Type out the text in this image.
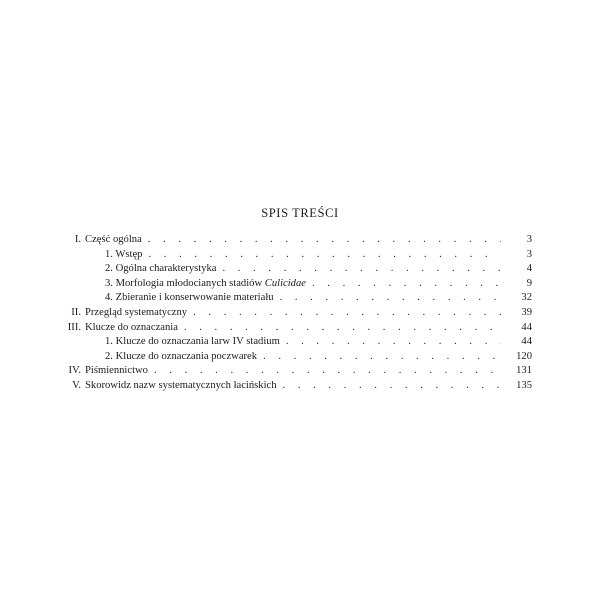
SPIS TREŚCI
I. Część ogólna . . .	3
1. Wstęp . . .	3
2. Ogólna charakterystyka . . .	4
3. Morfologia młodocianych stadiów Culicidae . . .	9
4. Zbieranie i konserwowanie materiału . . .	32
II. Przegląd systematyczny . . .	39
III. Klucze do oznaczania . . .	44
1. Klucze do oznaczania larw IV stadium . . .	44
2. Klucze do oznaczania poczwarek . . .	120
IV. Piśmiennictwo . . .	131
V. Skorowidz nazw systematycznych łacińskich . . .	135
